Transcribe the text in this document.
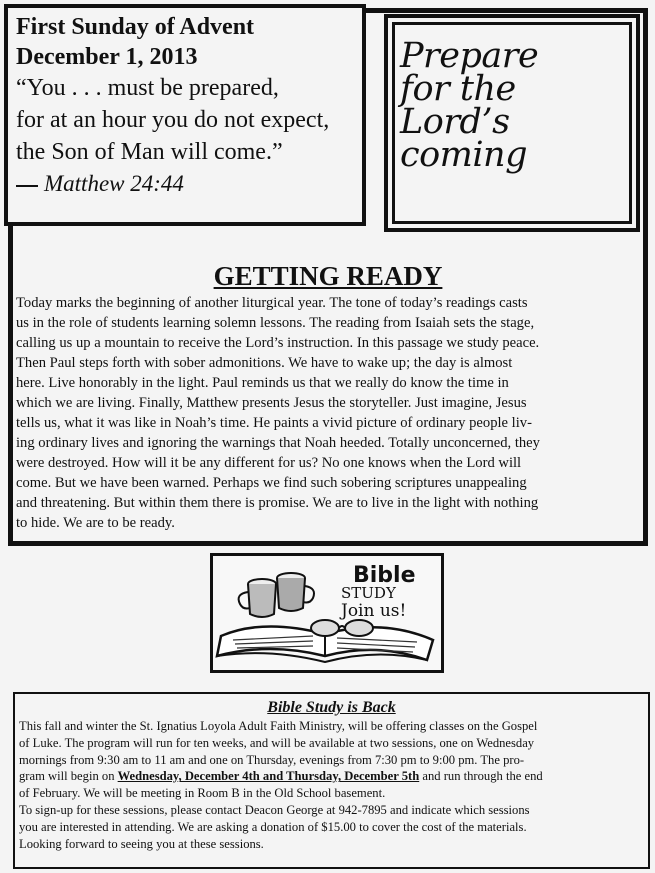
First Sunday of Advent
December 1, 2013
“You . . . must be prepared,
for at an hour you do not expect,
the Son of Man will come.”
Matthew 24:44
Prepare
for the
Lord’s
coming
GETTING READY
Today marks the beginning of another liturgical year. The tone of today’s readings casts
us in the role of students learning solemn lessons. The reading from Isaiah sets the stage,
calling us up a mountain to receive the Lord’s instruction. In this passage we study peace.
Then Paul steps forth with sober admonitions. We have to wake up; the day is almost
here. Live honorably in the light. Paul reminds us that we really do know the time in
which we are living. Finally, Matthew presents Jesus the storyteller. Just imagine, Jesus
tells us, what it was like in Noah’s time. He paints a vivid picture of ordinary people liv-
ing ordinary lives and ignoring the warnings that Noah heeded. Totally unconcerned, they
were destroyed. How will it be any different for us? No one knows when the Lord will
come. But we have been warned. Perhaps we find such sobering scriptures unappealing
and threatening. But within them there is promise. We are to live in the light with nothing
to hide. We are to be ready.
Bible
STUDY
Join us!
Bible Study is Back
This fall and winter the St. Ignatius Loyola Adult Faith Ministry, will be offering classes on the Gospel
of Luke. The program will run for ten weeks, and will be available at two sessions, one on Wednesday
mornings from 9:30 am to 11 am and one on Thursday, evenings from 7:30 pm to 9:00 pm. The pro-
gram will begin on Wednesday, December 4th and Thursday, December 5th and run through the end
of February. We will be meeting in Room B in the Old School basement.
To sign-up for these sessions, please contact Deacon George at 942-7895 and indicate which sessions
you are interested in attending. We are asking a donation of $15.00 to cover the cost of the materials.
Looking forward to seeing you at these sessions.
